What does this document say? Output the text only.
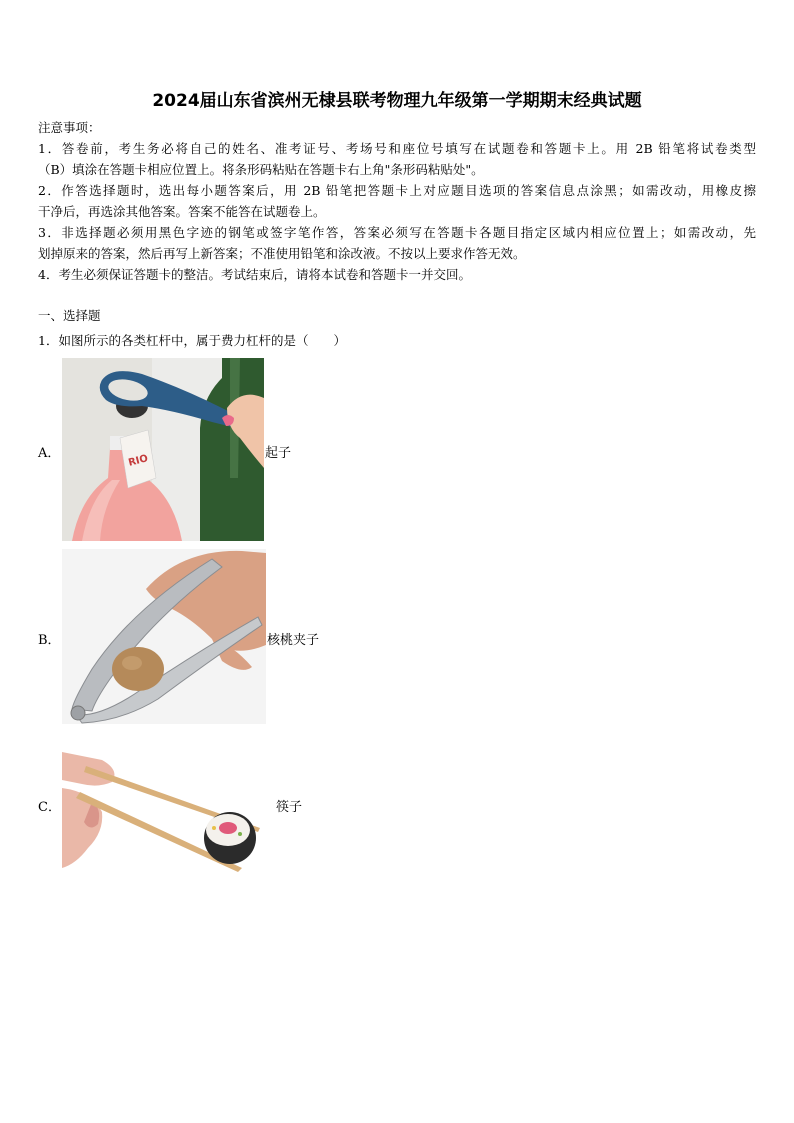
2024届山东省滨州无棣县联考物理九年级第一学期期末经典试题
注意事项：
1．答卷前，考生务必将自己的姓名、准考证号、考场号和座位号填写在试题卷和答题卡上。用 2B 铅笔将试卷类型
（B）填涂在答题卡相应位置上。将条形码粘贴在答题卡右上角"条形码粘贴处"。
2．作答选择题时，选出每小题答案后，用 2B 铅笔把答题卡上对应题目选项的答案信息点涂黑；如需改动，用橡皮擦
干净后，再选涂其他答案。答案不能答在试题卷上。
3．非选择题必须用黑色字迹的钢笔或签字笔作答，答案必须写在答题卡各题目指定区域内相应位置上；如需改动，先
划掉原来的答案，然后再写上新答案；不准使用铅笔和涂改液。不按以上要求作答无效。
4．考生必须保证答题卡的整洁。考试结束后，请将本试卷和答题卡一并交回。
一、选择题
1．如图所示的各类杠杆中，属于费力杠杆的是（　　）
A．	RIO	起子
B．	核桃夹子
C．	筷子
